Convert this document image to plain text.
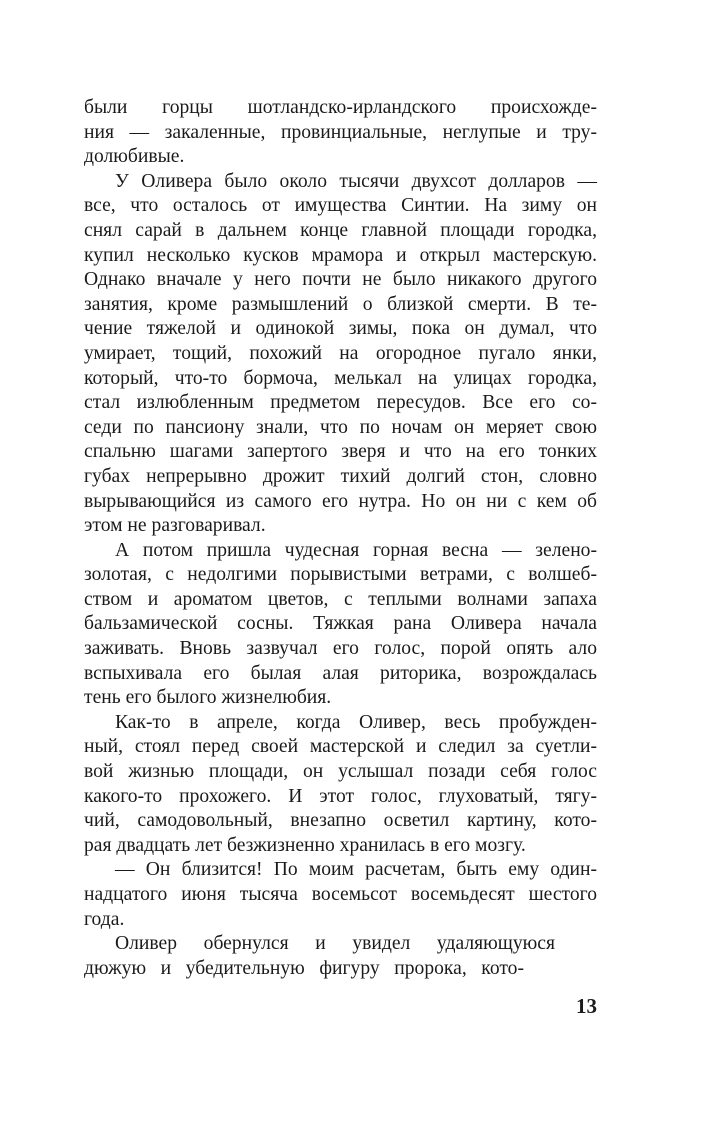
были горцы шотландско-ирландского происхожде-
ния — закаленные, провинциальные, неглупые и тру-
долюбивые.
У Оливера было около тысячи двухсот долларов —
все, что осталось от имущества Синтии. На зиму он
снял сарай в дальнем конце главной площади городка,
купил несколько кусков мрамора и открыл мастерскую.
Однако вначале у него почти не было никакого другого
занятия, кроме размышлений о близкой смерти. В те-
чение тяжелой и одинокой зимы, пока он думал, что
умирает, тощий, похожий на огородное пугало янки,
который, что-то бормоча, мелькал на улицах городка,
стал излюбленным предметом пересудов. Все его со-
седи по пансиону знали, что по ночам он меряет свою
спальню шагами запертого зверя и что на его тонких
губах непрерывно дрожит тихий долгий стон, словно
вырывающийся из самого его нутра. Но он ни с кем об
этом не разговаривал.
А потом пришла чудесная горная весна — зелено-
золотая, с недолгими порывистыми ветрами, с волшеб-
ством и ароматом цветов, с теплыми волнами запаха
бальзамической сосны. Тяжкая рана Оливера начала
заживать. Вновь зазвучал его голос, порой опять ало
вспыхивала его былая алая риторика, возрождалась
тень его былого жизнелюбия.
Как-то в апреле, когда Оливер, весь пробужден-
ный, стоял перед своей мастерской и следил за суетли-
вой жизнью площади, он услышал позади себя голос
какого-то прохожего. И этот голос, глуховатый, тягу-
чий, самодовольный, внезапно осветил картину, кото-
рая двадцать лет безжизненно хранилась в его мозгу.
— Он близится! По моим расчетам, быть ему один-
надцатого июня тысяча восемьсот восемьдесят шестого
года.
Оливер обернулся и увидел удаляющуюся
дюжую и убедительную фигуру пророка, кото-
13
